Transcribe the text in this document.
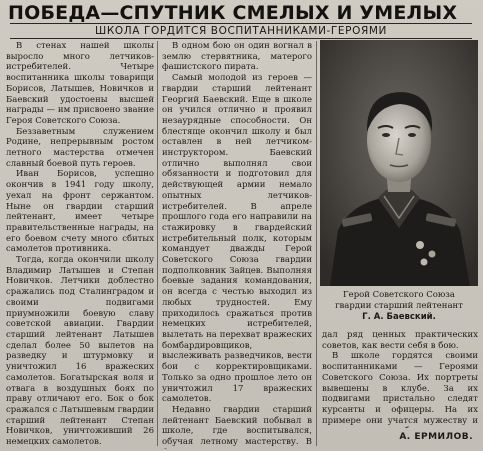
ПОБЕДА—СПУТНИК СМЕЛЫХ И УМЕЛЫХ
ШКОЛА ГОРДИТСЯ ВОСПИТАННИКАМИ-ГЕРОЯМИ

В стенах нашей школы выросло много летчиков-истребителей. Четыре воспитанника школы товарищи Борисов, Латышев, Новичков и Баевский удостоены высшей награды — им присвоено звание Героя Советского Союза.

Беззаветным служением Родине, непрерывным ростом летного мастерства отмечен славный боевой путь героев.

Иван Борисов, успешно окончив в 1941 году школу, уехал на фронт сержантом. Ныне он гвардии старший лейтенант, имеет четыре правительственные награды, на его боевом счету много сбитых самолетов противника.

Тогда, когда окончили школу Владимир Латышев и Степан Новичков. Летчики доблестно сражались под Сталинградом и своими подвигами приумножили боевую славу советской авиации. Гвардии старший лейтенант Латышев сделал более 50 вылетов на разведку и штурмовку и уничтожил 16 вражеских самолетов. Богатырская воля и отвага в воздушных боях по праву отличают его. Бок о бок сражался с Латышевым гвардии старший лейтенант Степан Новичков, уничтоживший 26 немецких самолетов.

В одном бою он один вогнал в землю стервятника, матерого фашистского пирата.

Самый молодой из героев — гвардии старший лейтенант Георгий Баевский. Еще в школе он учился отлично и проявил незаурядные способности. Он блестяще окончил школу и был оставлен в ней летчиком-инструктором. Баевский отлично выполнял свои обязанности и подготовил для действующей армии немало опытных летчиков-истребителей. В апреле прошлого года его направили на стажировку в гвардейский истребительный полк, которым командует дважды Герой Советского Союза гвардии подполковник Зайцев. Выполняя боевые задания командования, он всегда с честью выходил из любых трудностей. Ему приходилось сражаться против немецких истребителей, вылетать на перехват вражеских бомбардировщиков, выслеживать разведчиков, вести бои с корректировщиками. Только за одно прошлое лето он уничтожил 17 вражеских самолетов.

Недавно гвардии старший лейтенант Баевский побывал в школе, где воспитывался, обучая летному мастерству. В

Герой Советского Союза
гвардии старший лейтенант
Г. А. Баевский.

дал ряд ценных практических советов, как вести себя в бою.

В школе гордятся своими воспитанниками — Героями Советского Союза. Их портреты вывешены в клубе. За их подвигами пристально следят курсанты и офицеры. На их примере они учатся мужеству и

А. ЕРМИЛОВ.
